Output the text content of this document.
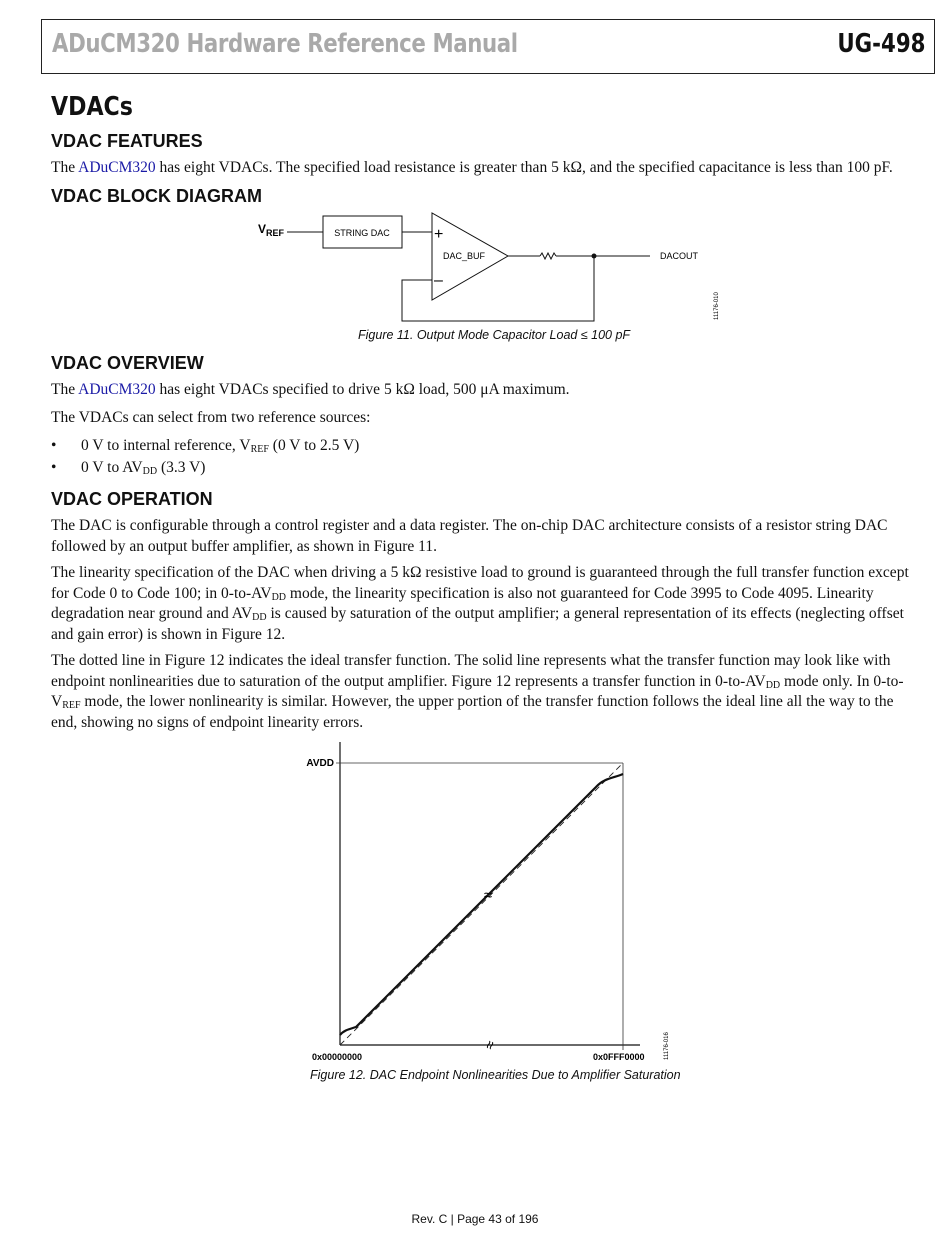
ADuCM320 Hardware Reference Manual	UG-498
VDACs
VDAC FEATURES

The ADuCM320 has eight VDACs. The specified load resistance is greater than 5 kΩ, and the specified capacitance is less than 100 pF.

VDAC BLOCK DIAGRAM
$V_{REF}$	STRING DAC	+
–
DAC_BUF	DACOUT
11176-010
Figure 11. Output Mode Capacitor Load ≤ 100 pF
VDAC OVERVIEW

The ADuCM320 has eight VDACs specified to drive 5 kΩ load, 500 μA maximum.

The VDACs can select from two reference sources:

• 0 V to internal reference, $V_{REF}$ (0 V to 2.5 V)
• 0 V to $AV_{DD}$ (3.3 V)
VDAC OPERATION

The DAC is configurable through a control register and a data register. The on-chip DAC architecture consists of a resistor string DAC followed by an output buffer amplifier, as shown in Figure 11.

The linearity specification of the DAC when driving a 5 kΩ resistive load to ground is guaranteed through the full transfer function except for Code 0 to Code 100; in $0-to-AV_{DD}$ mode, the linearity specification is also not guaranteed for Code 3995 to Code 4095. Linearity degradation near ground and $AV_{DD}$ is caused by saturation of the output amplifier; a general representation of its effects (neglecting offset and gain error) is shown in Figure 12.

The dotted line in Figure 12 indicates the ideal transfer function. The solid line represents what the transfer function may look like with endpoint nonlinearities due to saturation of the output amplifier. Figure 12 represents a transfer function in $0-to-AV_{DD}$ mode only. In $0-to-V_{REF}$ mode, the lower nonlinearity is similar. However, the upper portion of the transfer function follows the ideal line all the way to the end, showing no signs of endpoint linearity errors.

≈
≈
AVDD
0x00000000	0x0FFF0000	11176-016
Figure 12. DAC Endpoint Nonlinearities Due to Amplifier Saturation
Rev. C | Page 43 of 196
